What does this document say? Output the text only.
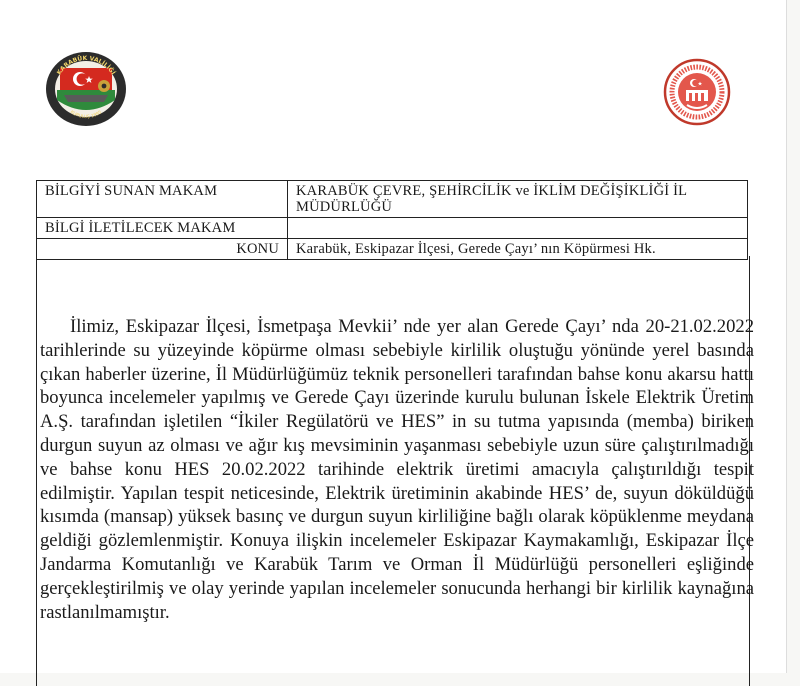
KARABÜK VALİLİĞİ
KURULUŞ 1995
BİLGİYİ SUNAN MAKAM	KARABÜK ÇEVRE, ŞEHİRCİLİK ve İKLİM DEĞİŞİKLİĞİ İL
MÜDÜRLÜĞÜ

BİLGİ İLETİLECEK MAKAM	
KONU	Karabük, Eskipazar İlçesi, Gerede Çayı’ nın Köpürmesi Hk.

İlimiz, Eskipazar İlçesi, İsmetpaşa Mevkii’ nde yer alan Gerede Çayı’ nda 20-21.02.2022 tarihlerinde su yüzeyinde köpürme olması sebebiyle kirlilik oluştuğu yönünde yerel basında çıkan haberler üzerine, İl Müdürlüğümüz teknik personelleri tarafından bahse konu akarsu hattı boyunca incelemeler yapılmış ve Gerede Çayı üzerinde kurulu bulunan İskele Elektrik Üretim A.Ş. tarafından işletilen “İkiler Regülatörü ve HES” in su tutma yapısında (memba) biriken durgun suyun az olması ve ağır kış mevsiminin yaşanması sebebiyle uzun süre çalıştırılmadığı ve bahse konu HES 20.02.2022 tarihinde elektrik üretimi amacıyla çalıştırıldığı tespit edilmiştir. Yapılan tespit neticesinde, Elektrik üretiminin akabinde HES’ de, suyun döküldüğü kısımda (mansap) yüksek basınç ve durgun suyun kirliliğine bağlı olarak köpüklenme meydana geldiği gözlemlenmiştir. Konuya ilişkin incelemeler Eskipazar Kaymakamlığı, Eskipazar İlçe Jandarma Komutanlığı ve Karabük Tarım ve Orman İl Müdürlüğü personelleri eşliğinde gerçekleştirilmiş ve olay yerinde yapılan incelemeler sonucunda herhangi bir kirlilik kaynağına rastlanılmamıştır.
